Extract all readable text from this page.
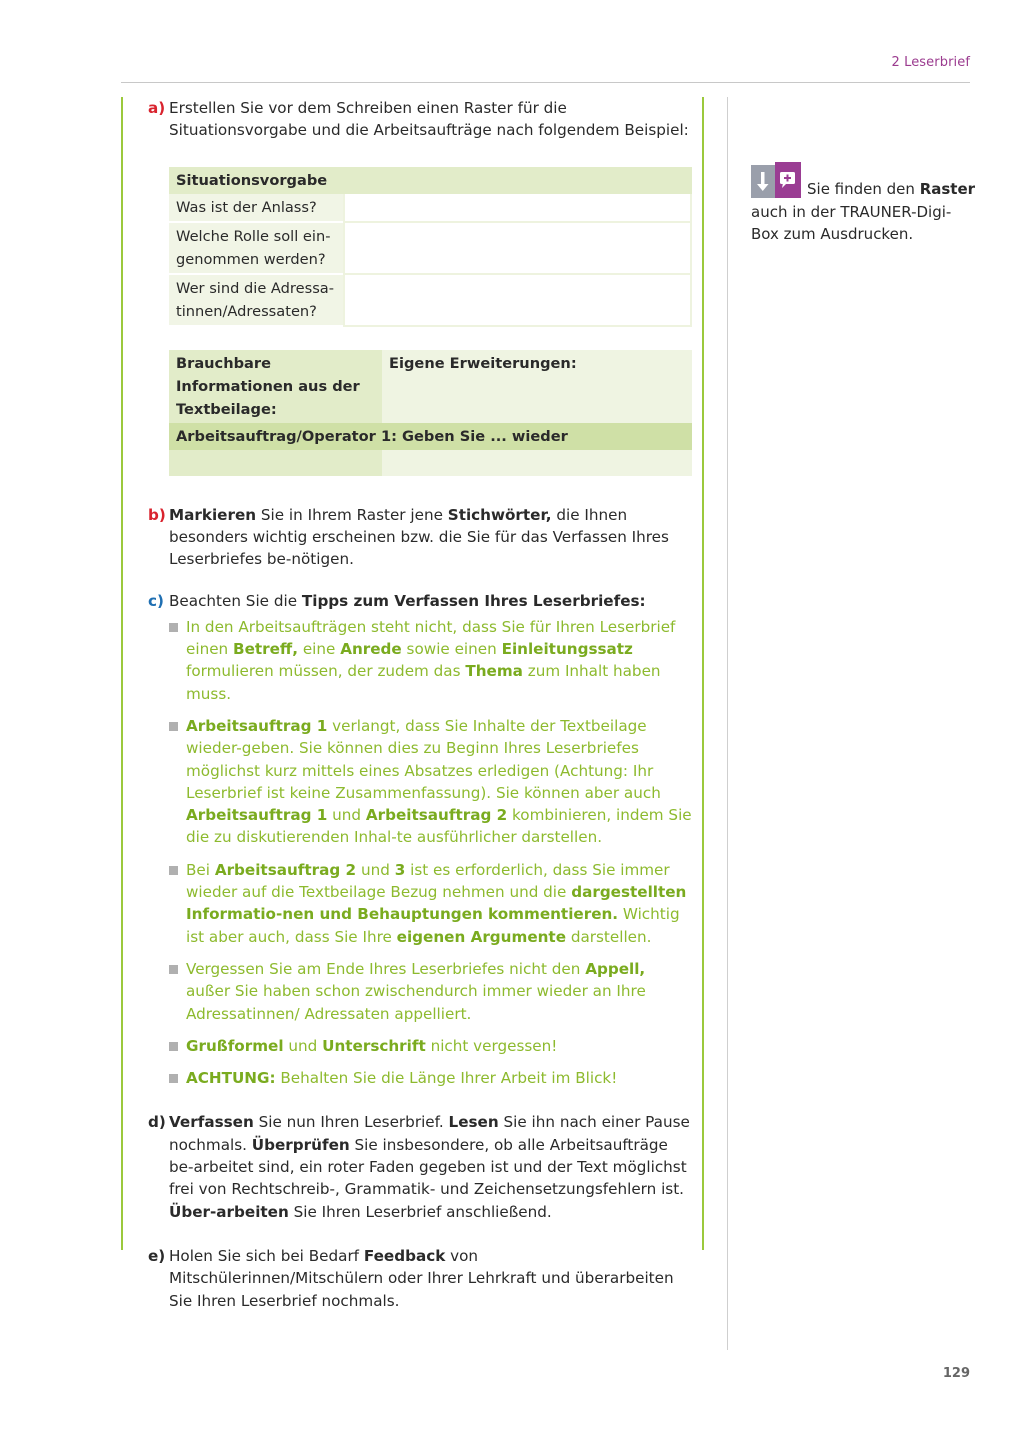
2 Leserbrief
a) Erstellen Sie vor dem Schreiben einen Raster für die Situationsvorgabe und die Arbeitsaufträge nach folgendem Beispiel:
Situationsvorgabe	
Was ist der Anlass?	
Welche Rolle soll ein-genommen werden?	
Wer sind die Adressa-tinnen/Adressaten?	
Brauchbare Informationen aus der Textbeilage:	Eigene Erweiterungen:
Arbeitsauftrag/Operator 1: Geben Sie ... wieder	

b) Markieren Sie in Ihrem Raster jene Stichwörter, die Ihnen besonders wichtig erscheinen bzw. die Sie für das Verfassen Ihres Leserbriefes be-nötigen.
c) Beachten Sie die Tipps zum Verfassen Ihres Leserbriefes:
In den Arbeitsaufträgen steht nicht, dass Sie für Ihren Leserbrief einen Betreff, eine Anrede sowie einen Einleitungssatz formulieren müssen, der zudem das Thema zum Inhalt haben muss.
Arbeitsauftrag 1 verlangt, dass Sie Inhalte der Textbeilage wieder-geben. Sie können dies zu Beginn Ihres Leserbriefes möglichst kurz mittels eines Absatzes erledigen (Achtung: Ihr Leserbrief ist keine Zusammenfassung). Sie können aber auch Arbeitsauftrag 1 und Arbeitsauftrag 2 kombinieren, indem Sie die zu diskutierenden Inhal-te ausführlicher darstellen.
Bei Arbeitsauftrag 2 und 3 ist es erforderlich, dass Sie immer wieder auf die Textbeilage Bezug nehmen und die dargestellten Informatio-nen und Behauptungen kommentieren. Wichtig ist aber auch, dass Sie Ihre eigenen Argumente darstellen.
Vergessen Sie am Ende Ihres Leserbriefes nicht den Appell, außer Sie haben schon zwischendurch immer wieder an Ihre Adressatinnen/ Adressaten appelliert.
Grußformel und Unterschrift nicht vergessen!
ACHTUNG: Behalten Sie die Länge Ihrer Arbeit im Blick!
d) Verfassen Sie nun Ihren Leserbrief. Lesen Sie ihn nach einer Pause nochmals. Überprüfen Sie insbesondere, ob alle Arbeitsaufträge be-arbeitet sind, ein roter Faden gegeben ist und der Text möglichst frei von Rechtschreib-, Grammatik- und Zeichensetzungsfehlern ist. Über-arbeiten Sie Ihren Leserbrief anschließend.
e) Holen Sie sich bei Bedarf Feedback von Mitschülerinnen/Mitschülern oder Ihrer Lehrkraft und überarbeiten Sie Ihren Leserbrief nochmals.
Sie finden den Raster auch in der TRAUNER-Digi-Box zum Ausdrucken.
129
